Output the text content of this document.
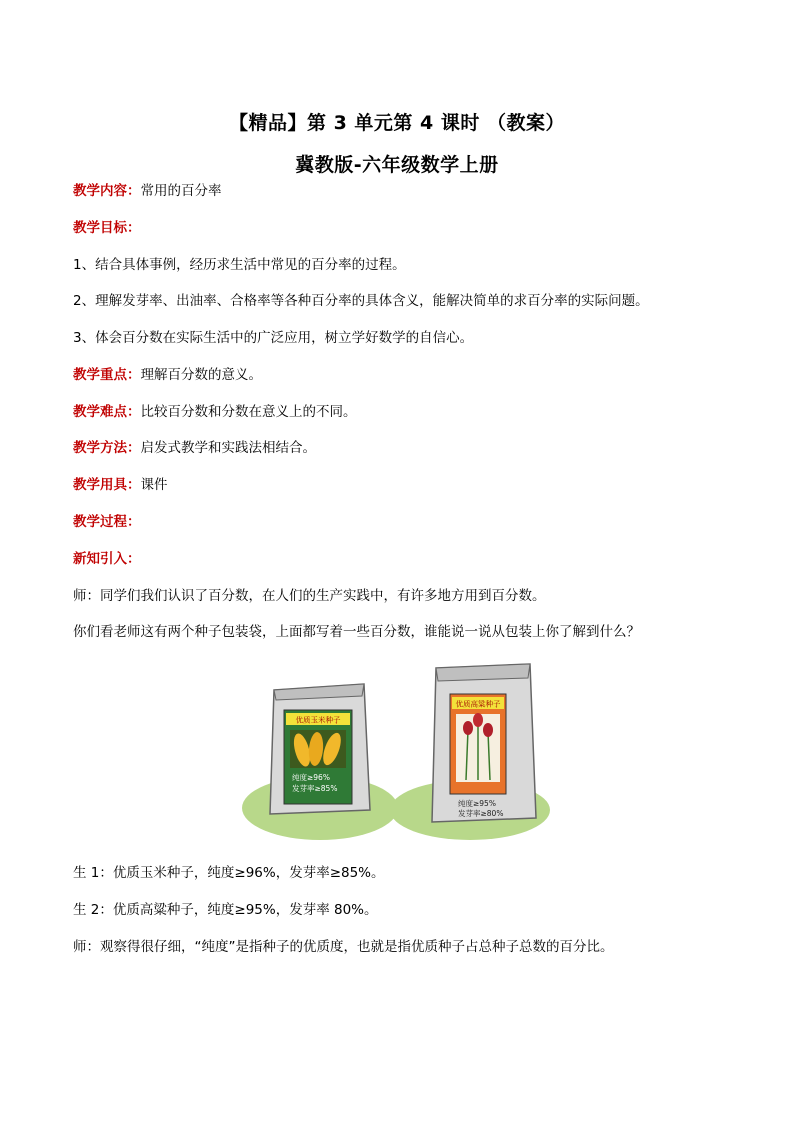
【精品】第 3 单元第 4 课时 （教案）
冀教版-六年级数学上册
教学内容：常用的百分率
教学目标：
1、结合具体事例，经历求生活中常见的百分率的过程。
2、理解发芽率、出油率、合格率等各种百分率的具体含义，能解决简单的求百分率的实际问题。
3、体会百分数在实际生活中的广泛应用，树立学好数学的自信心。
教学重点：理解百分数的意义。
教学难点：比较百分数和分数在意义上的不同。
教学方法：启发式教学和实践法相结合。
教学用具：课件
教学过程：
新知引入：
师：同学们我们认识了百分数，在人们的生产实践中，有许多地方用到百分数。
你们看老师这有两个种子包装袋，上面都写着一些百分数，谁能说一说从包装上你了解到什么？
优质玉米种子
纯度≥96%
发芽率≥85%
优质高粱种子
纯度≥95%
发芽率≥80%
生 1：优质玉米种子，纯度≥96%，发芽率≥85%。
生 2：优质高粱种子，纯度≥95%，发芽率 80%。
师：观察得很仔细，“纯度”是指种子的优质度，也就是指优质种子占总种子总数的百分比。
